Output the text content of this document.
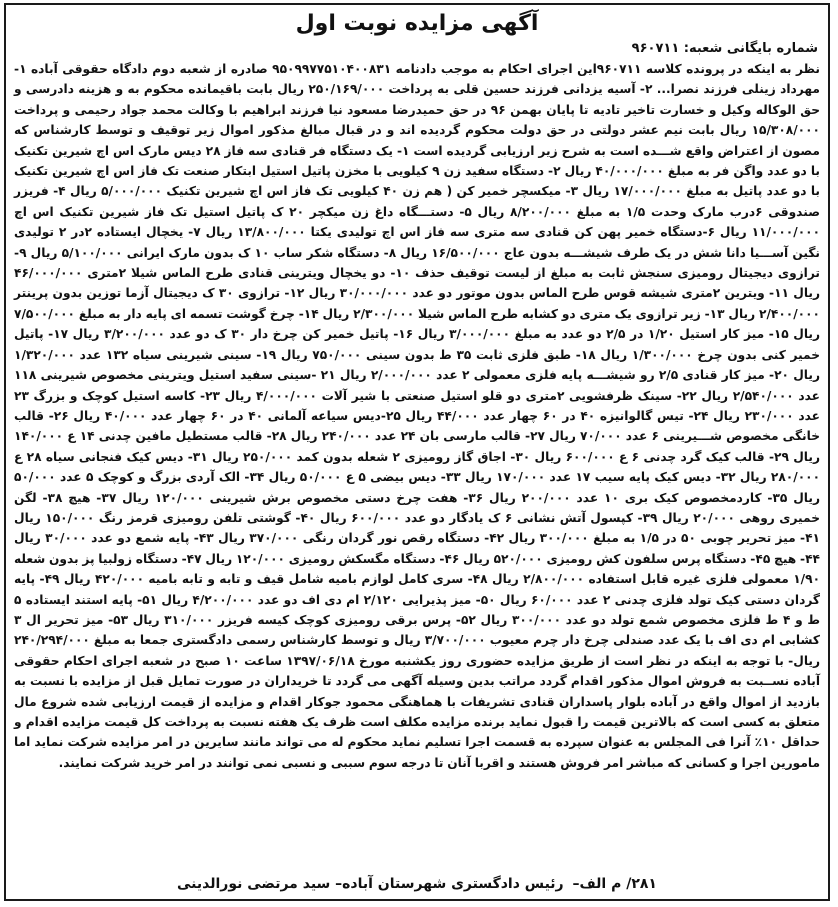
آگهی مزایده نوبت اول
شماره بایگانی شعبه: ۹۶۰۷۱۱
نظر به اینکه در پرونده کلاسه ۹۶۰۷۱۱این اجرای احکام به موجب دادنامه ۹۵۰۹۹۷۷۵۱۰۴۰۰۸۳۱ صادره از شعبه دوم دادگاه حقوقی آباده ۱- مهرداد زینلی فرزند نصرا... ۲- آسیه یزدانی فرزند حسین قلی به پرداخت ۲۵۰/۱۶۹/۰۰۰ ریال بابت باقیمانده محکوم به و هزینه دادرسی و حق الوکاله وکیل و خسارت تاخیر تادیه تا پایان بهمن ۹۶ در حق حمیدرضا مسعود نیا فرزند ابراهیم با وکالت محمد جواد رحیمی و پرداخت ۱۵/۳۰۸/۰۰۰ ریال بابت نیم عشر دولتی در حق دولت محکوم گردیده اند و در قبال مبالغ مذکور اموال زیر توقیف و توسط کارشناس که مصون از اعتراض واقع شـــده است به شرح زیر ارزیابی گردیده است ۱- یک دستگاه فر قنادی سه فاز ۲۸ دیس مارک اس اچ شیرین تکنیک با دو عدد واگن فر به مبلغ ۴۰/۰۰۰/۰۰۰ ریال ۲- دستگاه سفید زن ۹ کیلویی با مخزن پاتیل استیل ابتکار صنعت تک فاز اس اچ شیرین تکنیک با دو عدد پاتیل به مبلغ ۱۷/۰۰۰/۰۰۰ ریال ۳- میکسچر خمیر کن ( هم زن ۴۰ کیلویی تک فاز اس اچ شیرین تکنیک ۵/۰۰۰/۰۰۰ ریال ۴- فریزر صندوقی ۶درب مارک وحدت ۱/۵ به مبلغ ۸/۲۰۰/۰۰۰ ریال ۵- دستـــگاه داغ زن میکچر ۲۰ ک پاتیل استیل تک فاز شیرین تکنیک اس اچ ۱۱/۰۰۰/۰۰۰ ریال ۶-دستگاه خمیر پهن کن قنادی سه متری سه فاز اس اچ تولیدی یکتا ۱۳/۸۰۰/۰۰۰ ریال ۷- یخچال ایستاده ۲در ۲ تولیدی نگین آســـیا دانا شش در یک طرف شیشـــه بدون عاج ۱۶/۵۰۰/۰۰۰ ریال ۸- دستگاه شکر ساب ۱۰ ک بدون مارک ایرانی ۵/۱۰۰/۰۰۰ ریال ۹- ترازوی دیجیتال رومیزی سنجش ثابت به مبلغ از لیست توقیف حذف ۱۰- دو یخچال ویترینی قنادی طرح الماس شیلا ۲متری ۴۶/۰۰۰/۰۰۰ ریال ۱۱- ویترین ۲متری شیشه قوس طرح الماس بدون موتور دو عدد ۳۰/۰۰۰/۰۰۰ ریال ۱۲- ترازوی ۳۰ ک دیجیتال آزما توزین بدون پرینتر ۲/۴۰۰/۰۰۰ ریال ۱۳- زیر ترازوی یک متری دو کشابه طرح الماس شیلا ۲/۳۰۰/۰۰۰ ریال ۱۴- چرخ گوشت تسمه ای پایه دار به مبلغ ۷/۵۰۰/۰۰۰ ریال ۱۵- میز کار استیل ۱/۲۰ در ۲/۵ دو عدد به مبلغ ۳/۰۰۰/۰۰۰ ریال ۱۶- پاتیل خمیر کن چرخ دار ۳۰ ک دو عدد ۳/۲۰۰/۰۰۰ ریال ۱۷- پاتیل خمیر کنی بدون چرخ ۱/۳۰۰/۰۰۰ ریال ۱۸- طبق فلزی ثابت ۳۵ ط بدون سینی ۷۵۰/۰۰۰ ریال ۱۹- سینی شیرینی سیاه ۱۳۲ عدد ۱/۳۲۰/۰۰۰ ریال ۲۰- میز کار قنادی ۲/۵ رو شیشـــه پایه فلزی معمولی ۲ عدد ۲/۰۰۰/۰۰۰ ریال ۲۱ -سینی سفید استیل ویترینی مخصوص شیرینی ۱۱۸ عدد ۲/۵۴۰/۰۰۰ ریال ۲۲- سینک ظرفشویی ۲متری دو قلو استیل صنعتی با شیر آلات ۴/۰۰۰/۰۰۰ ریال ۲۳- کاسه استیل کوچک و بزرگ ۲۳ عدد ۲۳۰/۰۰۰ ریال ۲۴- تیس گالوانیزه ۴۰ در ۶۰ چهار عدد ۴۴/۰۰۰ ریال ۲۵-دیس سیاعه آلمانی ۴۰ در ۶۰ چهار عدد ۴۰/۰۰۰ ریال ۲۶- قالب خانگی مخصوص شـــیرینی ۶ عدد ۷۰/۰۰۰ ریال ۲۷- قالب مارسی بان ۲۴ عدد ۲۴۰/۰۰۰ ریال ۲۸- قالب مستطیل مافین چدنی ۱۴ ع ۱۴۰/۰۰۰ ریال ۲۹- قالب کیک گرد چدنی ۶ ع ۶۰۰/۰۰۰ ریال ۳۰- اجاق گاز رومیزی ۲ شعله بدون کمد ۲۵۰/۰۰۰ ریال ۳۱- دیس کیک فنجانی سیاه ۲۸ ع ۲۸۰/۰۰۰ ریال ۳۲- دیس کیک پایه سیب ۱۷ عدد ۱۷۰/۰۰۰ ریال ۳۳- دیس بیضی ۵ ع ۵۰/۰۰۰ ریال ۳۴- الک آردی بزرگ و کوچک ۵ عدد ۵۰/۰۰۰ ریال ۳۵- کاردمخصوص کیک بری ۱۰ عدد ۲۰۰/۰۰۰ ریال ۳۶- هفت چرخ دستی مخصوص برش شیرینی ۱۲۰/۰۰۰ ریال ۳۷- هیچ ۳۸- لگن خمیری روهی ۲۰/۰۰۰ ریال ۳۹- کپسول آتش نشانی ۶ ک یادگار دو عدد ۶۰۰/۰۰۰ ریال ۴۰- گوشتی تلفن رومیزی قرمز رنگ ۱۵۰/۰۰۰ ریال ۴۱- میز تحریر چوبی ۵۰ در ۱/۵ به مبلغ ۳۰۰/۰۰۰ ریال ۴۲- دستگاه رقص نور گردان رنگی ۳۷۰/۰۰۰ ریال ۴۳- پایه شمع دو عدد ۳۰/۰۰۰ ریال ۴۴- هیچ ۴۵- دستگاه پرس سلفون کش رومیزی ۵۲۰/۰۰۰ ریال ۴۶- دستگاه مگسکش رومیزی ۱۲۰/۰۰۰ ریال ۴۷- دستگاه زولبیا پز بدون شعله ۱/۹۰ معمولی فلزی غیره قابل استفاده ۲/۸۰۰/۰۰۰ ریال ۴۸- سری کامل لوازم بامیه شامل قیف و تابه و تابه بامیه ۴۲۰/۰۰۰ ریال ۴۹- پایه گردان دستی کیک تولد فلزی چدنی ۲ عدد ۶۰/۰۰۰ ریال ۵۰- میز پذیرایی ۲/۱۲۰ ام دی اف دو عدد ۴/۲۰۰/۰۰۰ ریال ۵۱- پایه استند ایستاده ۵ ط و ۴ ط فلزی مخصوص شمع تولد دو عدد ۳۰۰/۰۰۰ ریال ۵۲- پرس برقی رومیزی کوچک کیسه فریزر ۳۱۰/۰۰۰ ریال ۵۳- میز تحریر ال ۳ کشابی ام دی اف با یک عدد صندلی چرخ دار چرم معیوب ۳/۷۰۰/۰۰۰ ریال و توسط کارشناس رسمی دادگستری جمعا به مبلغ ۲۴۰/۲۹۴/۰۰۰ ریال- با توجه به اینکه در نظر است از طریق مزایده حضوری روز یکشنبه مورخ ۱۳۹۷/۰۶/۱۸ ساعت ۱۰ صبح در شعبه اجرای احکام حقوقی آباده نســبت به فروش اموال مذکور اقدام گردد مراتب بدین وسیله آگهی می گردد تا خریداران در صورت تمایل قبل از مزایده با نسبت به بازدید از اموال واقع در آباده بلوار پاسداران قنادی تشریفات با هماهنگی محمود جوکار اقدام و مزایده از قیمت ارزیابی شده شروع مال متعلق به کسی است که بالاترین قیمت را قبول نماید برنده مزایده مکلف است ظرف یک هفته نسبت به پرداخت کل قیمت مزایده اقدام و حداقل ۱۰٪ آنرا فی المجلس به عنوان سپرده به قسمت اجرا تسلیم نماید محکوم له می تواند مانند سایرین در امر مزایده شرکت نماید اما مامورین اجرا و کسانی که مباشر امر فروش هستند و اقربا آنان تا درجه سوم سببی و نسبی نمی توانند در امر خرید شرکت نمایند.
۲۸۱/ م الف– رئیس دادگستری شهرستان آباده– سید مرتضی نورالدینی
